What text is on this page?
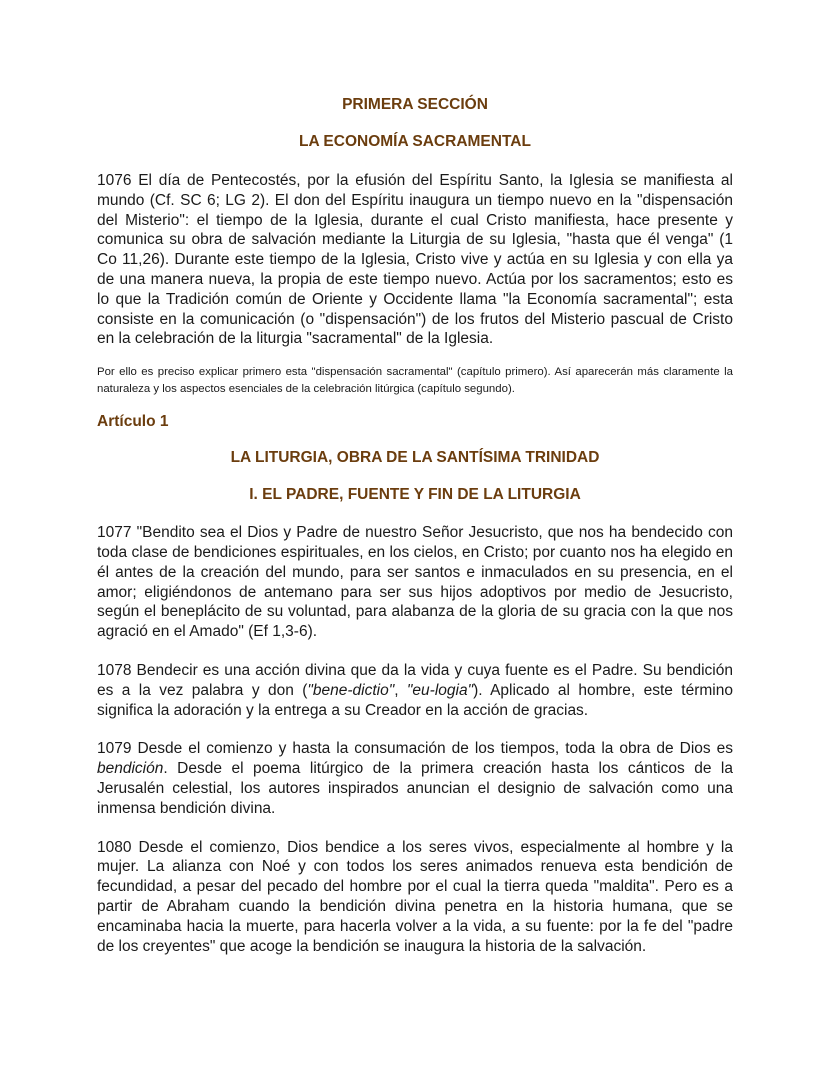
PRIMERA SECCIÓN
LA ECONOMÍA SACRAMENTAL

1076 El día de Pentecostés, por la efusión del Espíritu Santo, la Iglesia se manifiesta al mundo (Cf. SC 6; LG 2). El don del Espíritu inaugura un tiempo nuevo en la "dispensación del Misterio": el tiempo de la Iglesia, durante el cual Cristo manifiesta, hace presente y comunica su obra de salvación mediante la Liturgia de su Iglesia, "hasta que él venga" (1 Co 11,26). Durante este tiempo de la Iglesia, Cristo vive y actúa en su Iglesia y con ella ya de una manera nueva, la propia de este tiempo nuevo. Actúa por los sacramentos; esto es lo que la Tradición común de Oriente y Occidente llama "la Economía sacramental"; esta consiste en la comunicación (o "dispensación") de los frutos del Misterio pascual de Cristo en la celebración de la liturgia "sacramental" de la Iglesia.

Por ello es preciso explicar primero esta "dispensación sacramental" (capítulo primero). Así aparecerán más claramente la naturaleza y los aspectos esenciales de la celebración litúrgica (capítulo segundo).

Artículo 1

LA LITURGIA, OBRA DE LA SANTÍSIMA TRINIDAD
I. EL PADRE, FUENTE Y FIN DE LA LITURGIA

1077 "Bendito sea el Dios y Padre de nuestro Señor Jesucristo, que nos ha bendecido con toda clase de bendiciones espirituales, en los cielos, en Cristo; por cuanto nos ha elegido en él antes de la creación del mundo, para ser santos e inmaculados en su presencia, en el amor; eligiéndonos de antemano para ser sus hijos adoptivos por medio de Jesucristo, según el beneplácito de su voluntad, para alabanza de la gloria de su gracia con la que nos agració en el Amado" (Ef 1,3-6).

1078 Bendecir es una acción divina que da la vida y cuya fuente es el Padre. Su bendición es a la vez palabra y don ("bene-dictio", "eu-logia"). Aplicado al hombre, este término significa la adoración y la entrega a su Creador en la acción de gracias.

1079 Desde el comienzo y hasta la consumación de los tiempos, toda la obra de Dios es bendición. Desde el poema litúrgico de la primera creación hasta los cánticos de la Jerusalén celestial, los autores inspirados anuncian el designio de salvación como una inmensa bendición divina.

1080 Desde el comienzo, Dios bendice a los seres vivos, especialmente al hombre y la mujer. La alianza con Noé y con todos los seres animados renueva esta bendición de fecundidad, a pesar del pecado del hombre por el cual la tierra queda "maldita". Pero es a partir de Abraham cuando la bendición divina penetra en la historia humana, que se encaminaba hacia la muerte, para hacerla volver a la vida, a su fuente: por la fe del "padre de los creyentes" que acoge la bendición se inaugura la historia de la salvación.
